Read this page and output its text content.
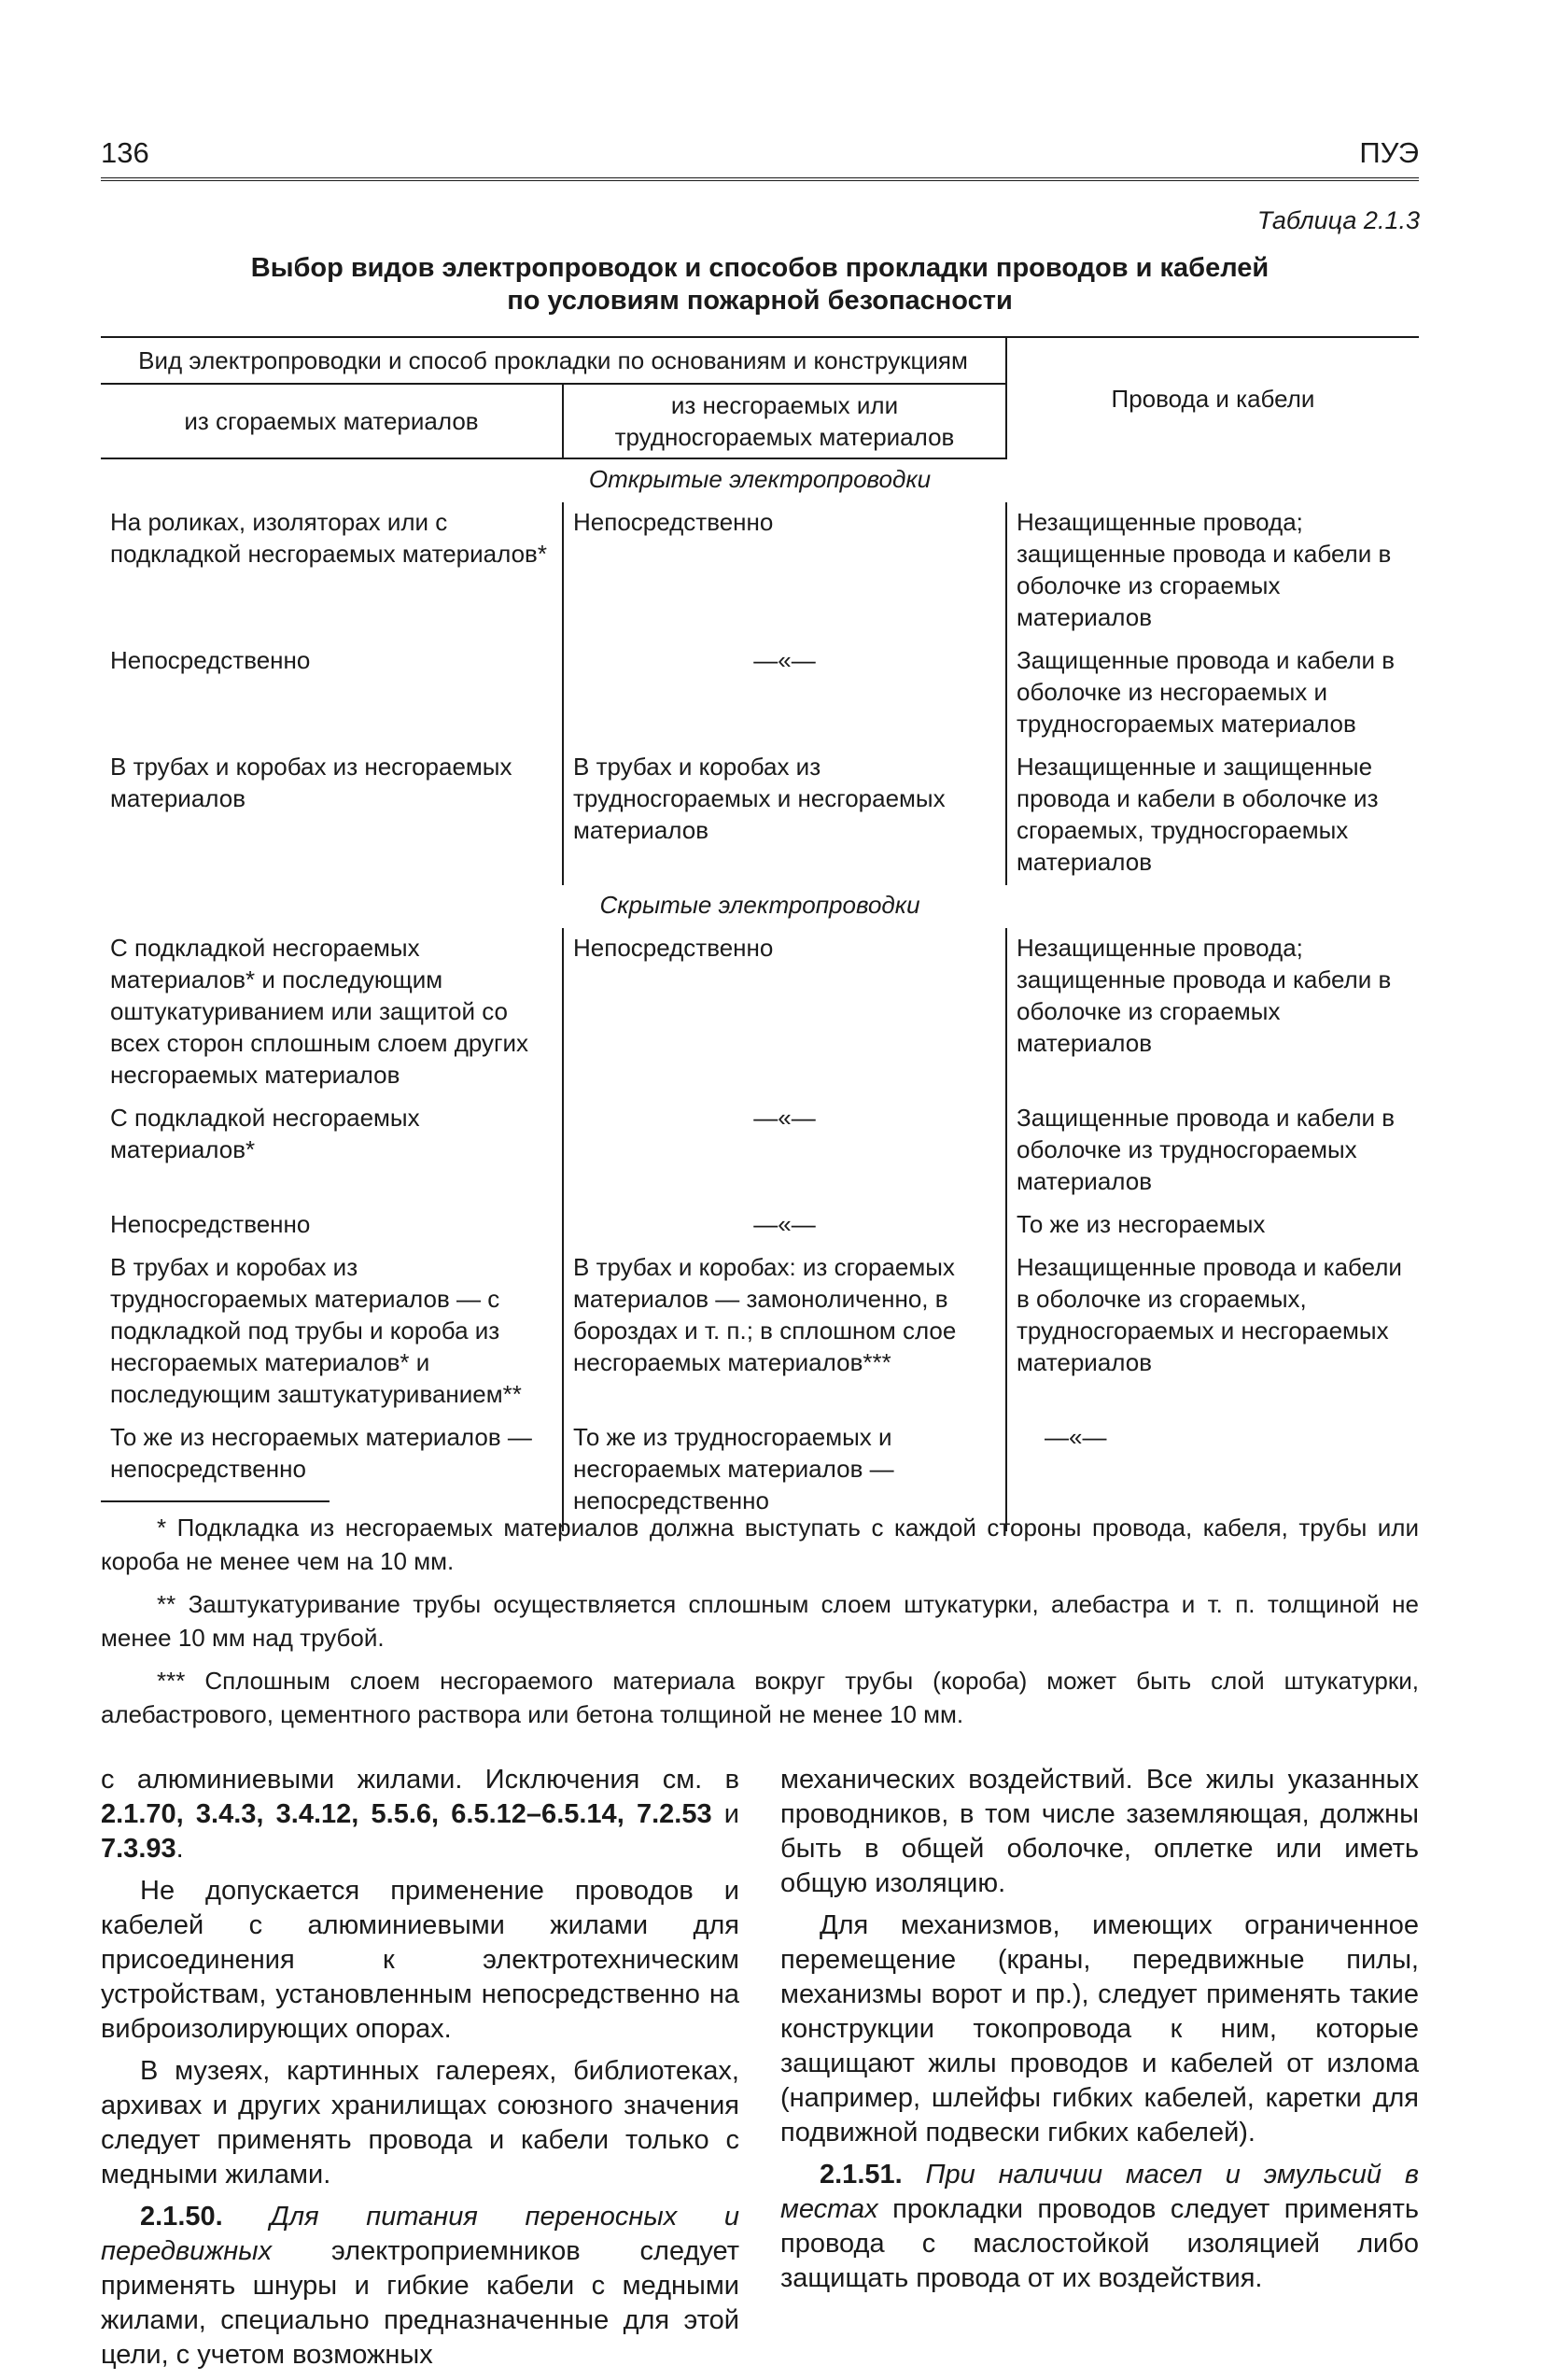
136	ПУЭ
Таблица 2.1.3
Выбор видов электропроводок и способов прокладки проводов и кабелей
по условиям пожарной безопасности
Вид электропроводки и способ прокладки по основаниям и конструкциям		Провода и кабели
из сгораемых материалов	из несгораемых или трудносгораемых материалов	
Открытые электропроводки		
На роликах, изоляторах или с подкладкой несгораемых материалов*	Непосредственно	Незащищенные провода; защищенные провода и кабели в оболочке из сгораемых материалов
Непосредственно	—«—	Защищенные провода и кабели в оболочке из несгораемых и трудносгораемых материалов
В трубах и коробах из несгораемых материалов	В трубах и коробах из трудносгораемых и несгораемых материалов	Незащищенные и защищенные провода и кабели в оболочке из сгораемых, трудносгораемых материалов
Скрытые электропроводки		
С подкладкой несгораемых материалов* и последующим оштукатуриванием или защитой со всех сторон сплошным слоем других несгораемых материалов	Непосредственно	Незащищенные провода; защищенные провода и кабели в оболочке из сгораемых материалов
С подкладкой несгораемых материалов*	—«—	Защищенные провода и кабели в оболочке из трудносгораемых материалов
Непосредственно	—«—	То же из несгораемых
В трубах и коробах из трудносгораемых материалов — с подкладкой под трубы и короба из несгораемых материалов* и последующим заштукатуриванием**	В трубах и коробах: из сгораемых материалов — замоноличенно, в бороздах и т. п.; в сплошном слое несгораемых материалов***	Незащищенные провода и кабели в оболочке из сгораемых, трудносгораемых и несгораемых материалов
То же из несгораемых материалов — непосредственно	То же из трудносгораемых и несгораемых материалов — непосредственно	—«—

* Подкладка из несгораемых материалов должна выступать с каждой стороны провода, кабеля, трубы или короба не менее чем на 10 мм.

** Заштукатуривание трубы осуществляется сплошным слоем штукатурки, алебастра и т. п. толщиной не менее 10 мм над трубой.

*** Сплошным слоем несгораемого материала вокруг трубы (короба) может быть слой штукатурки, алебастрового, цементного раствора или бетона толщиной не менее 10 мм.

с алюминиевыми жилами. Исключения см. в 2.1.70, 3.4.3, 3.4.12, 5.5.6, 6.5.12–6.5.14, 7.2.53 и 7.3.93.

Не допускается применение проводов и кабелей с алюминиевыми жилами для присоединения к электротехническим устройствам, установленным непосредственно на виброизолирующих опорах.

В музеях, картинных галереях, библиотеках, архивах и других хранилищах союзного значения следует применять провода и кабели только с медными жилами.

2.1.50. Для питания переносных и передвижных электроприемников следует применять шнуры и гибкие кабели с медными жилами, специально предназначенные для этой цели, с учетом возможных

механических воздействий. Все жилы указанных проводников, в том числе заземляющая, должны быть в общей оболочке, оплетке или иметь общую изоляцию.

Для механизмов, имеющих ограниченное перемещение (краны, передвижные пилы, механизмы ворот и пр.), следует применять такие конструкции токопровода к ним, которые защищают жилы проводов и кабелей от излома (например, шлейфы гибких кабелей, каретки для подвижной подвески гибких кабелей).

2.1.51. При наличии масел и эмульсий в местах прокладки проводов следует применять провода с маслостойкой изоляцией либо защищать провода от их воздействия.
